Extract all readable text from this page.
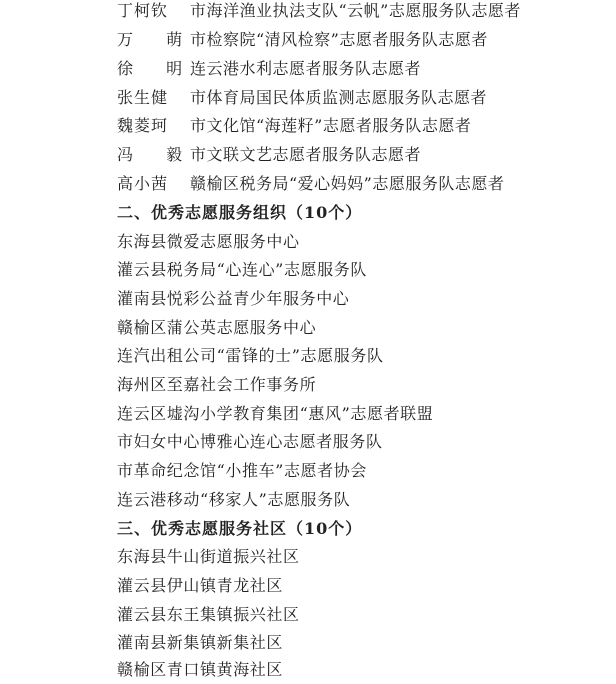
丁柯钦 市海洋渔业执法支队“云帆”志愿服务队志愿者
万 萌
市检察院“清风检察”志愿者服务队志愿者
徐 明
连云港水利志愿者服务队志愿者
张生健 市体育局国民体质监测志愿服务队志愿者
魏菱珂 市文化馆“海莲籽”志愿者服务队志愿者
冯 毅
市文联文艺志愿者服务队志愿者
高小茜 赣榆区税务局“爱心妈妈”志愿服务队志愿者
二、优秀志愿服务组织（10个）
东海县微爱志愿服务中心
灌云县税务局“心连心”志愿服务队
灌南县悦彩公益青少年服务中心
赣榆区蒲公英志愿服务中心
连汽出租公司“雷锋的士”志愿服务队
海州区至嘉社会工作事务所
连云区墟沟小学教育集团“惠风”志愿者联盟
市妇女中心博雅心连心志愿者服务队
市革命纪念馆“小推车”志愿者协会
连云港移动“移家人”志愿服务队
三、优秀志愿服务社区（10个）
东海县牛山街道振兴社区
灌云县伊山镇青龙社区
灌云县东王集镇振兴社区
灌南县新集镇新集社区
赣榆区青口镇黄海社区
